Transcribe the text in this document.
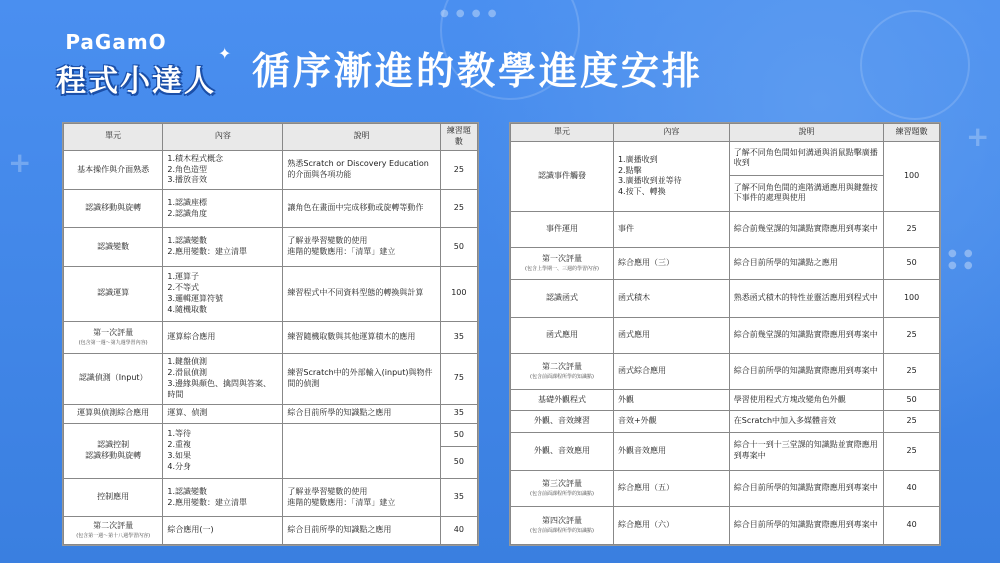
+
+
● ● ● ●
● ● ● ●
PaGamO
程式小達人
✦ 循序漸進的教學進度安排
單元	內容	說明	練習題數
基本操作與介面熟悉	1.積木程式概念
2.角色造型
3.播放音效	熟悉Scratch or Discovery Education的介面與各項功能	25
認識移動與旋轉	1.認識座標
2.認識角度	讓角色在畫面中完成移動或旋轉等動作	25
認識變數	1.認識變數
2.應用變數：建立清單	了解並學習變數的使用
進階的變數應用：「清單」建立	50
認識運算	1.運算子
2.不等式
3.邏輯運算符號
4.隨機取數	練習程式中不同資料型態的轉換與計算	100
第一次評量
(包含第一週～第九週學習內容)	運算綜合應用	練習隨機取數與其他運算積木的應用	35
認識偵測（Input）	1.鍵盤偵測
2.滑鼠偵測
3.邊緣與顏色、擒問與答案、時間	練習Scratch中的外部輸入(input)與物件間的偵測	75
運算與偵測綜合應用	運算、偵測	綜合目前所學的知識點之應用	35
認識控制
認識移動與旋轉	1.等待
2.重複
3.如果
4.分身		50
			50
控制應用	1.認識變數
2.應用變數：建立清單	了解並學習變數的使用
進階的變數應用：「清單」建立	35
第二次評量
(包含第一週～第十八週學習內容)	綜合應用(一)	綜合目前所學的知識點之應用	40
單元	內容	說明	練習題數
認識事件觸發	1.廣播收到
2.點擊
3.廣播收到並等待
4.按下、轉換	了解不同角色間如何溝通與消鼠點擊廣播收到	100
		了解不同角色間的進階溝通應用與鍵盤按下事件的處理與使用	
事件運用	事件	綜合前幾堂課的知識點實際應用到專案中	25
第一次評量
(包含上學期一、三週的學習內容)	綜合應用（三）	綜合目前所學的知識點之應用	50
認識函式	函式積木	熟悉函式積木的特性並靈活應用到程式中	100
函式應用	函式應用	綜合前幾堂課的知識點實際應用到專案中	25
第二次評量
(包含前面課程所學的知識點)	函式綜合應用	綜合目前所學的知識點實際應用到專案中	25
基礎外觀程式	外觀	學習使用程式方塊改變角色外觀	50
外觀、音效練習	音效+外觀	在Scratch中加入多媒體音效	25
外觀、音效應用	外觀音效應用	綜合十一到十三堂課的知識點並實際應用到專案中	25
第三次評量
(包含前面課程所學的知識點)	綜合應用（五）	綜合目前所學的知識點實際應用到專案中	40
第四次評量
(包含前面課程所學的知識點)	綜合應用（六）	綜合目前所學的知識點實際應用到專案中	40
